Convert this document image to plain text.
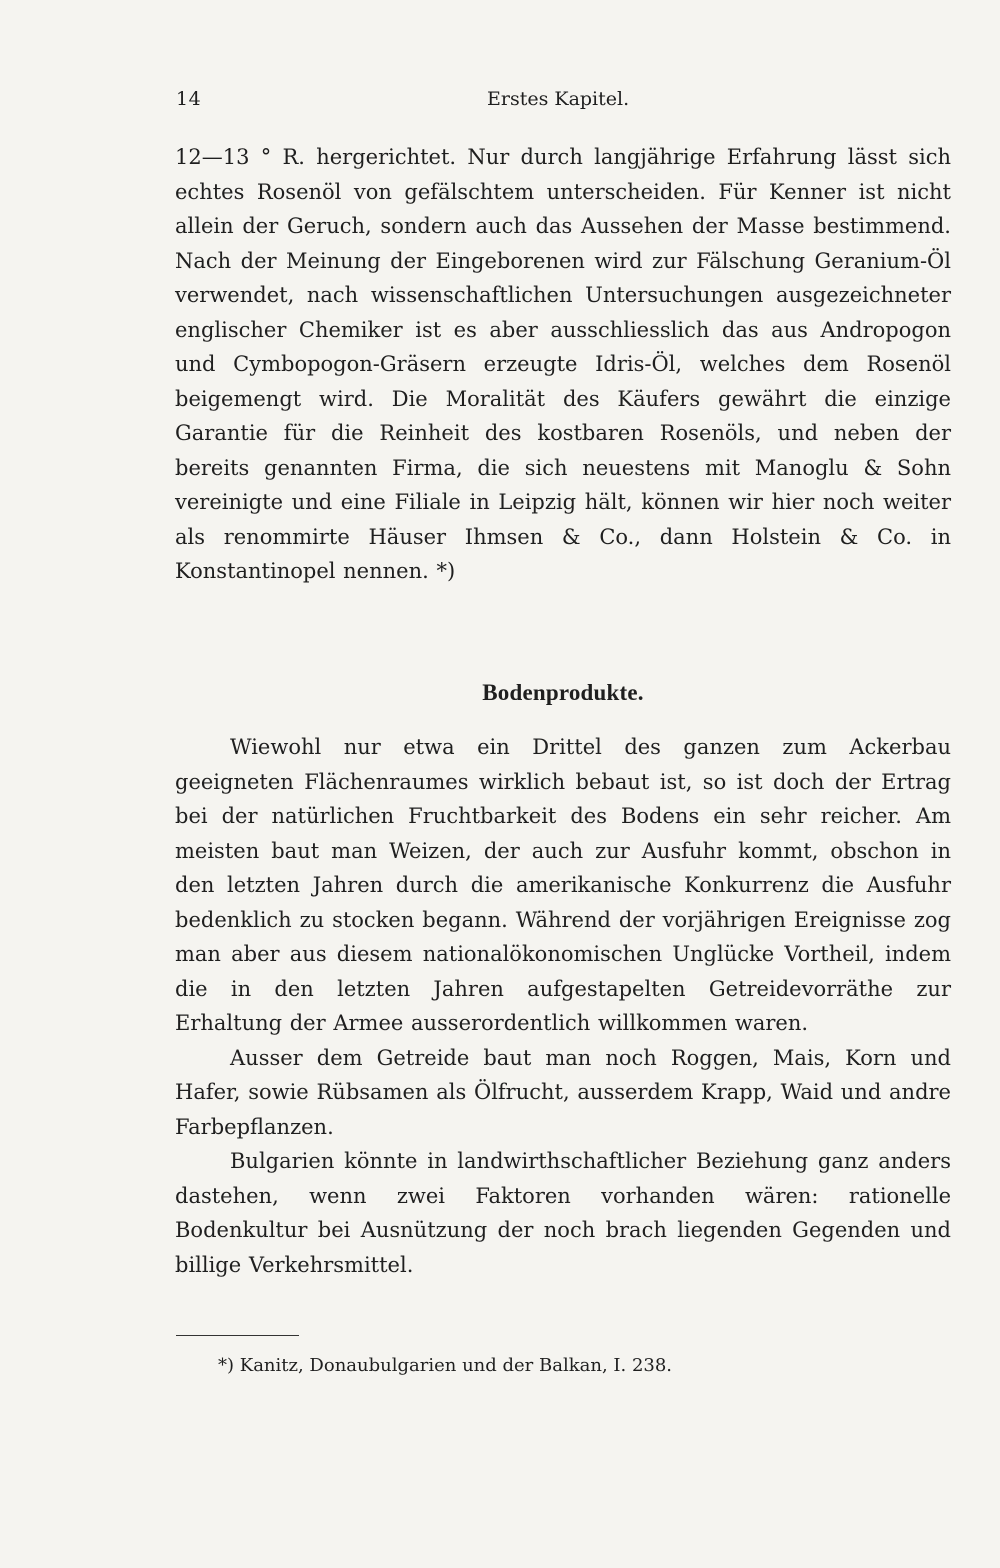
14	Erstes Kapitel.

12—13 ° R. hergerichtet. Nur durch langjährige Erfahrung lässt sich echtes Rosenöl von gefälschtem unterscheiden. Für Kenner ist nicht allein der Geruch, sondern auch das Aussehen der Masse bestimmend. Nach der Meinung der Eingeborenen wird zur Fälschung Geranium-Öl verwendet, nach wissenschaftlichen Untersuchungen ausgezeichneter englischer Chemiker ist es aber ausschliesslich das aus Andropogon und Cymbopogon-Gräsern erzeugte Idris-Öl, welches dem Rosenöl beigemengt wird. Die Moralität des Käufers gewährt die einzige Garantie für die Reinheit des kostbaren Rosenöls, und neben der bereits genannten Firma, die sich neuestens mit Manoglu & Sohn vereinigte und eine Filiale in Leipzig hält, können wir hier noch weiter als renommirte Häuser Ihmsen & Co., dann Holstein & Co. in Konstantinopel nennen. *)

Bodenprodukte.

Wiewohl nur etwa ein Drittel des ganzen zum Ackerbau geeigneten Flächenraumes wirklich bebaut ist, so ist doch der Ertrag bei der natürlichen Fruchtbarkeit des Bodens ein sehr reicher. Am meisten baut man Weizen, der auch zur Ausfuhr kommt, obschon in den letzten Jahren durch die amerikanische Konkurrenz die Ausfuhr bedenklich zu stocken begann. Während der vorjährigen Ereignisse zog man aber aus diesem nationalökonomischen Unglücke Vortheil, indem die in den letzten Jahren aufgestapelten Getreidevorräthe zur Erhaltung der Armee ausserordentlich willkommen waren.

Ausser dem Getreide baut man noch Roggen, Mais, Korn und Hafer, sowie Rübsamen als Ölfrucht, ausserdem Krapp, Waid und andre Farbepflanzen.

Bulgarien könnte in landwirthschaftlicher Beziehung ganz anders dastehen, wenn zwei Faktoren vorhanden wären: rationelle Bodenkultur bei Ausnützung der noch brach liegenden Gegenden und billige Verkehrsmittel.

*) Kanitz, Donaubulgarien und der Balkan, I. 238.
